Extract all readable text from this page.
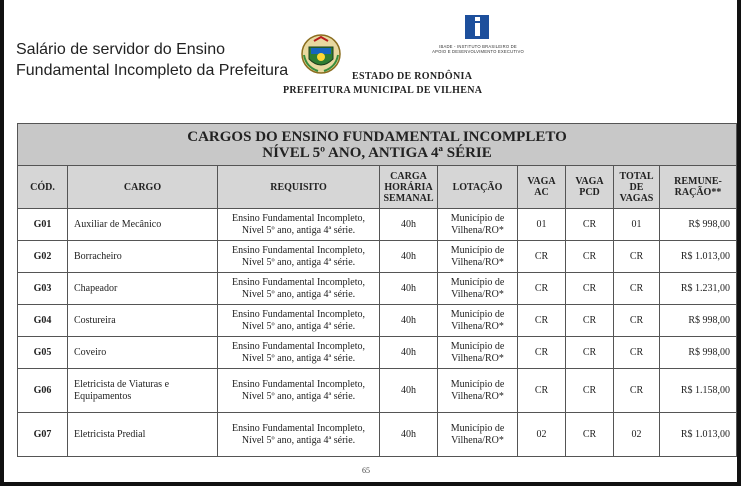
Salário de servidor do Ensino
Fundamental Incompleto da Prefeitura
IBADE - INSTITUTO BRASILEIRO DE APOIO E DESENVOLVIMENTO EXECUTIVO
ESTADO DE RONDÔNIA
PREFEITURA MUNICIPAL DE VILHENA
CARGOS DO ENSINO FUNDAMENTAL INCOMPLETO
NÍVEL 5º ANO, ANTIGA 4ª SÉRIE								

CÓD.	CARGO	REQUISITO	CARGA HORÁRIA SEMANAL	LOTAÇÃO	VAGA AC	VAGA PCD	TOTAL DE VAGAS	REMUNE-RAÇÃO**
G01	Auxiliar de Mecânico	Ensino Fundamental Incompleto, Nível 5º ano, antiga 4ª série.	40h	Município de Vilhena/RO*	01	CR	01	R$ 998,00
G02	Borracheiro	Ensino Fundamental Incompleto, Nível 5º ano, antiga 4ª série.	40h	Município de Vilhena/RO*	CR	CR	CR	R$ 1.013,00
G03	Chapeador	Ensino Fundamental Incompleto, Nível 5º ano, antiga 4ª série.	40h	Município de Vilhena/RO*	CR	CR	CR	R$ 1.231,00
G04	Costureira	Ensino Fundamental Incompleto, Nível 5º ano, antiga 4ª série.	40h	Município de Vilhena/RO*	CR	CR	CR	R$ 998,00
G05	Coveiro	Ensino Fundamental Incompleto, Nível 5º ano, antiga 4ª série.	40h	Município de Vilhena/RO*	CR	CR	CR	R$ 998,00
G06	Eletricista de Viaturas e Equipamentos	Ensino Fundamental Incompleto, Nível 5º ano, antiga 4ª série.	40h	Município de Vilhena/RO*	CR	CR	CR	R$ 1.158,00
G07	Eletricista Predial	Ensino Fundamental Incompleto, Nível 5º ano, antiga 4ª série.	40h	Município de Vilhena/RO*	02	CR	02	R$ 1.013,00
65
